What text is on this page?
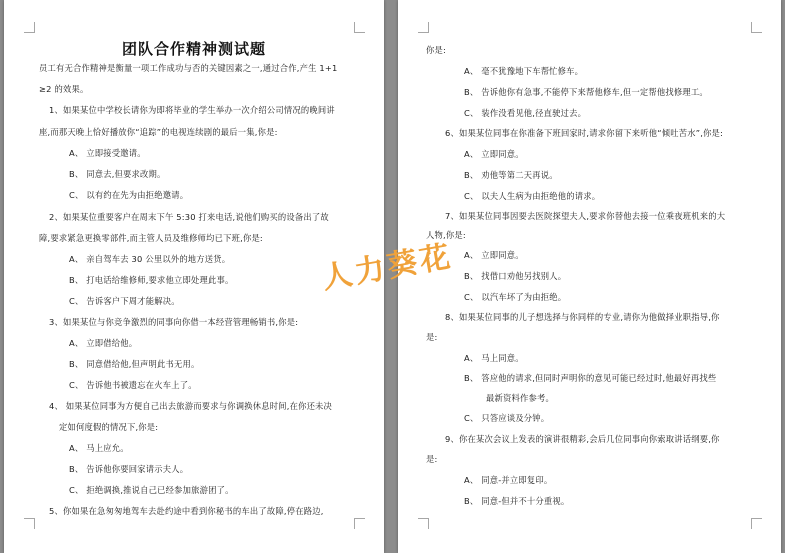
团队合作精神测试题
员工有无合作精神是衡量一项工作成功与否的关键因素之一,通过合作,产生 1+1
≥2 的效果。
1、如果某位中学校长请你为即将毕业的学生举办一次介绍公司情况的晚间讲
座,而那天晚上恰好播放你“追踪”的电视连续剧的最后一集,你是:
A、 立即接受邀请。
B、 同意去,但要求改期。
C、 以有约在先为由拒绝邀请。
2、如果某位重要客户在周末下午 5:30 打来电话,说他们购买的设备出了故
障,要求紧急更换零部件,而主管人员及维修师均已下班,你是:
A、 亲自驾车去 30 公里以外的地方送货。
B、 打电话给维修师,要求他立即处理此事。
C、 告诉客户下周才能解决。
3、如果某位与你竞争激烈的同事向你借一本经营管理畅销书,你是:
A、 立即借给他。
B、 同意借给他,但声明此书无用。
C、 告诉他书被遗忘在火车上了。
4、 如果某位同事为方便自己出去旅游而要求与你调换休息时间,在你还未决
定如何度假的情况下,你是:
A、 马上应允。
B、 告诉他你要回家请示夫人。
C、 拒绝调换,推说自己已经参加旅游团了。
5、你如果在急匆匆地驾车去赴约途中看到你秘书的车出了故障,停在路边,
你是:
A、 毫不犹豫地下车帮忙修车。
B、 告诉他你有急事,不能停下来帮他修车,但一定帮他找修理工。
C、 装作没看见他,径直驶过去。
6、如果某位同事在你准备下班回家时,请求你留下来听他“倾吐苦水”,你是:
A、 立即同意。
B、 劝他等第二天再说。
C、 以夫人生病为由拒绝他的请求。
7、如果某位同事因要去医院探望夫人,要求你替他去接一位乘夜班机来的大
人物,你是:
A、 立即同意。
B、 找借口劝他另找别人。
C、 以汽车坏了为由拒绝。
8、如果某位同事的儿子想选择与你同样的专业,请你为他做择业职指导,你
是:
A、 马上同意。
B、 答应他的请求,但同时声明你的意见可能已经过时,他最好再找些
最新资料作参考。
C、 只答应谈及分钟。
9、你在某次会议上发表的演讲很精彩,会后几位同事向你索取讲话纲要,你
是:
A、 同意-并立即复印。
B、 同意-但并不十分重视。
人力葵花
